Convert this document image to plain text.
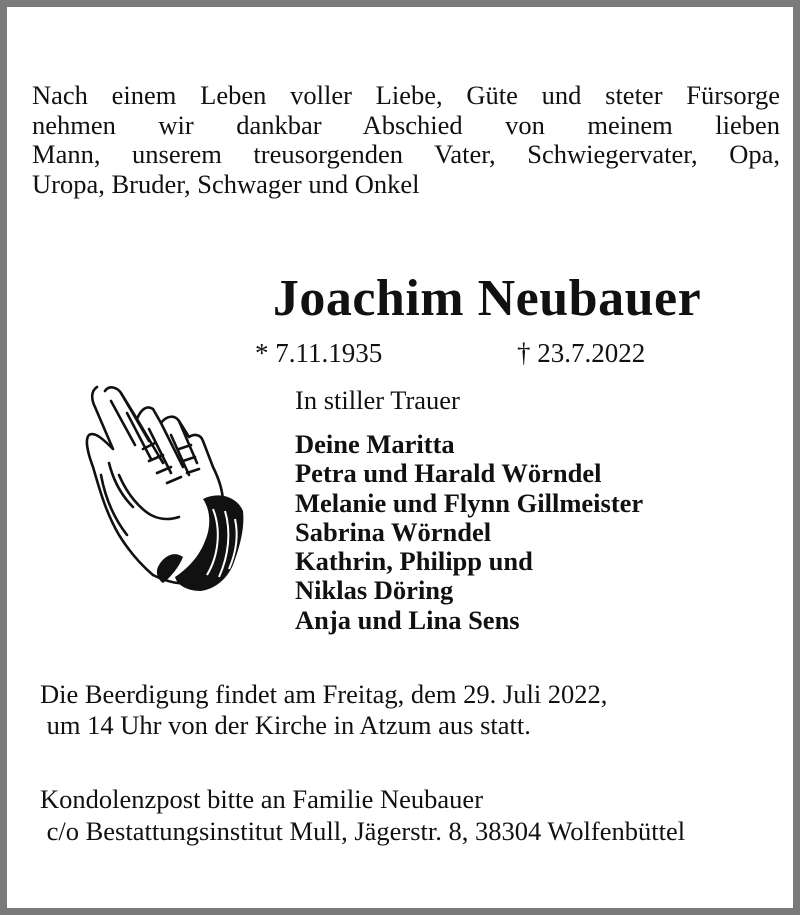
Nach einem Leben voller Liebe, Güte und steter Fürsorge
nehmen wir dankbar Abschied von meinem lieben
Mann, unserem treusorgenden Vater, Schwiegervater, Opa,
Uropa, Bruder, Schwager und Onkel

Joachim Neubauer

* 7.11.1935	† 23.7.2022

In stiller Trauer

Deine Maritta
Petra und Harald Wörndel
Melanie und Flynn Gillmeister
Sabrina Wörndel
Kathrin, Philipp und
Niklas Döring
Anja und Lina Sens

Die Beerdigung findet am Freitag, dem 29. Juli 2022,
um 14 Uhr von der Kirche in Atzum aus statt.

Kondolenzpost bitte an Familie Neubauer
c/o Bestattungsinstitut Mull, Jägerstr. 8, 38304 Wolfenbüttel
